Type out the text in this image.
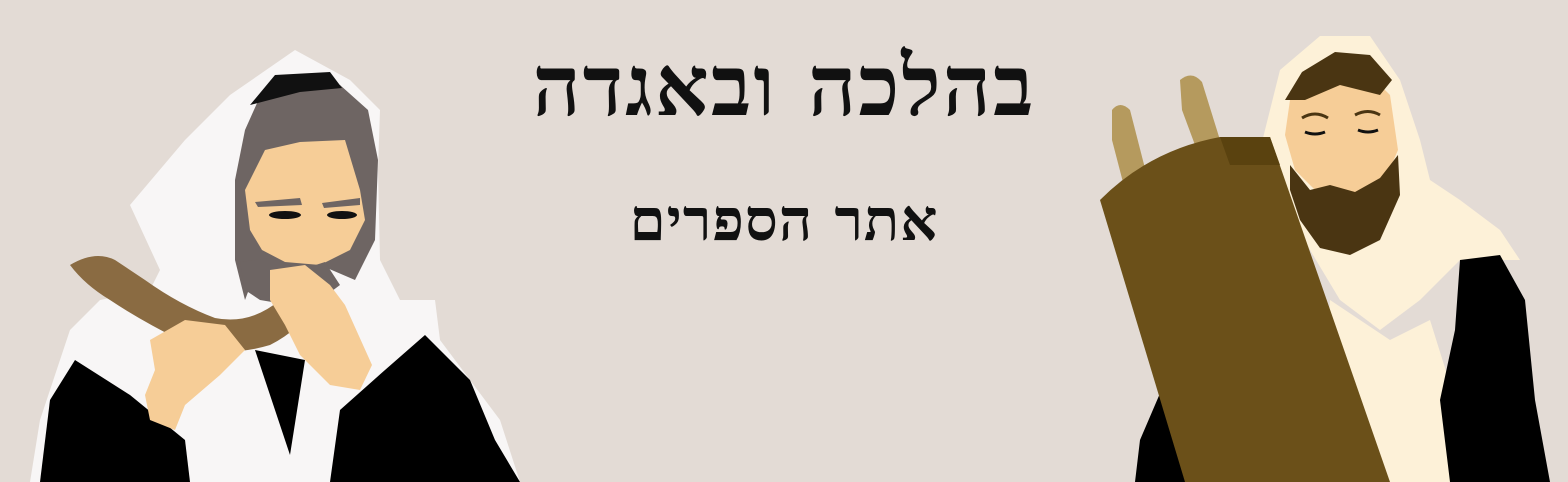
בהלכה ובאגדה
אתר הספרים
